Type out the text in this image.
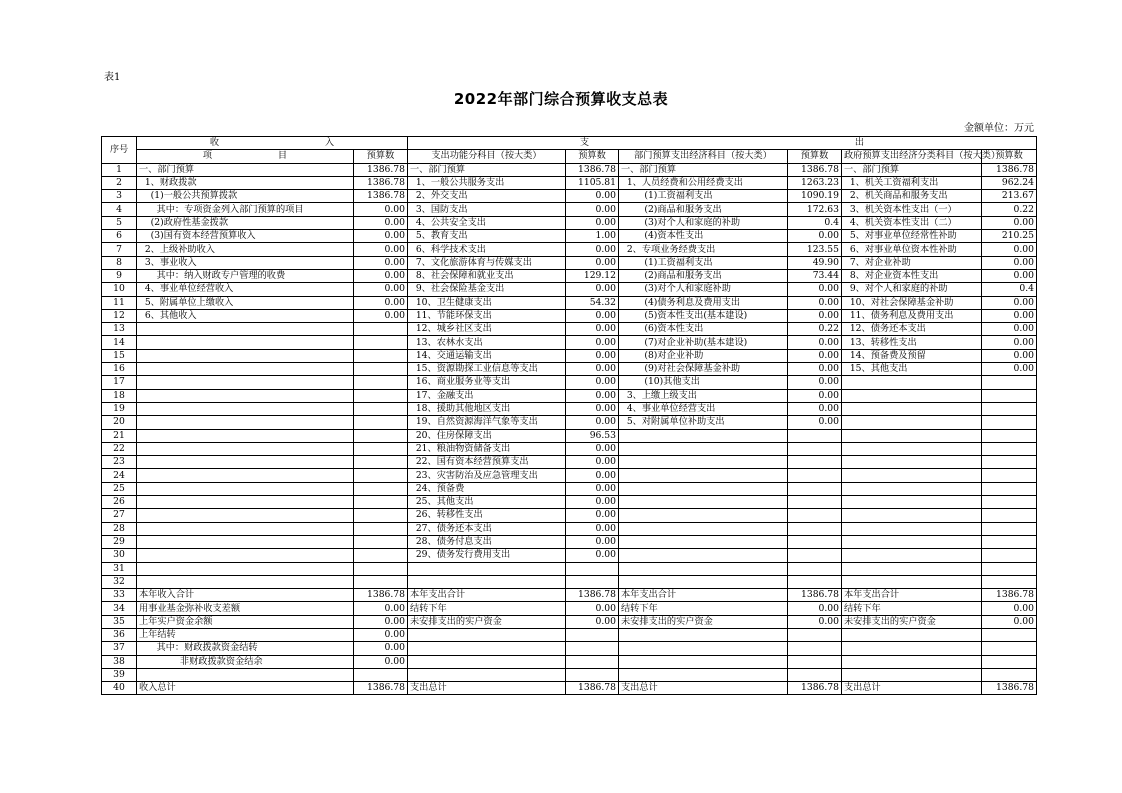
表1
2022年部门综合预算收支总表
金额单位：万元
序号	收 入		支 出					
	项 目	预算数	支出功能分科目（按大类）	预算数	部门预算支出经济科目（按大类）	预算数	政府预算支出经济分类科目（按大类）	预算数
1	一、部门预算	1386.78	一、部门预算	1386.78	一、部门预算	1386.78	一、部门预算	1386.78
2	1、财政拨款	1386.78	1、一般公共服务支出	1105.81	1、人员经费和公用经费支出	1263.23	1、机关工资福利支出	962.24
3	(1)一般公共预算拨款	1386.78	2、外交支出	0.00	(1)工资福利支出	1090.19	2、机关商品和服务支出	213.67
4	其中：专项资金列入部门预算的项目	0.00	3、国防支出	0.00	(2)商品和服务支出	172.63	3、机关资本性支出（一）	0.22
5	(2)政府性基金拨款	0.00	4、公共安全支出	0.00	(3)对个人和家庭的补助	0.4	4、机关资本性支出（二）	0.00
6	(3)国有资本经营预算收入	0.00	5、教育支出	1.00	(4)资本性支出	0.00	5、对事业单位经常性补助	210.25
7	2、上级补助收入	0.00	6、科学技术支出	0.00	2、专项业务经费支出	123.55	6、对事业单位资本性补助	0.00
8	3、事业收入	0.00	7、文化旅游体育与传媒支出	0.00	(1)工资福利支出	49.90	7、对企业补助	0.00
9	其中：纳入财政专户管理的收费	0.00	8、社会保障和就业支出	129.12	(2)商品和服务支出	73.44	8、对企业资本性支出	0.00
10	4、事业单位经营收入	0.00	9、社会保险基金支出	0.00	(3)对个人和家庭补助	0.00	9、对个人和家庭的补助	0.4
11	5、附属单位上缴收入	0.00	10、卫生健康支出	54.32	(4)债务利息及费用支出	0.00	10、对社会保障基金补助	0.00
12	6、其他收入	0.00	11、节能环保支出	0.00	(5)资本性支出(基本建设)	0.00	11、债务利息及费用支出	0.00
13			12、城乡社区支出	0.00	(6)资本性支出	0.22	12、债务还本支出	0.00
14			13、农林水支出	0.00	(7)对企业补助(基本建设)	0.00	13、转移性支出	0.00
15			14、交通运输支出	0.00	(8)对企业补助	0.00	14、预备费及预留	0.00
16			15、资源勘探工业信息等支出	0.00	(9)对社会保障基金补助	0.00	15、其他支出	0.00
17			16、商业服务业等支出	0.00	(10)其他支出	0.00		
18			17、金融支出	0.00	3、上缴上级支出	0.00		
19			18、援助其他地区支出	0.00	4、事业单位经营支出	0.00		
20			19、自然资源海洋气象等支出	0.00	5、对附属单位补助支出	0.00		
21			20、住房保障支出	96.53				
22			21、粮油物资储备支出	0.00				
23			22、国有资本经营预算支出	0.00				
24			23、灾害防治及应急管理支出	0.00				
25			24、预备费	0.00				
26			25、其他支出	0.00				
27			26、转移性支出	0.00				
28			27、债务还本支出	0.00				
29			28、债务付息支出	0.00				
30			29、债务发行费用支出	0.00				
31								
32								
33	本年收入合计	1386.78	本年支出合计	1386.78	本年支出合计	1386.78	本年支出合计	1386.78
34	用事业基金弥补收支差额	0.00	结转下年	0.00	结转下年	0.00	结转下年	0.00
35	上年实户资金余额	0.00	未安排支出的实户资金	0.00	未安排支出的实户资金	0.00	未安排支出的实户资金	0.00
36	上年结转	0.00						
37	其中：财政拨款资金结转	0.00						
38	非财政拨款资金结余	0.00						
39								
40	收入总计	1386.78	支出总计	1386.78	支出总计	1386.78	支出总计	1386.78
